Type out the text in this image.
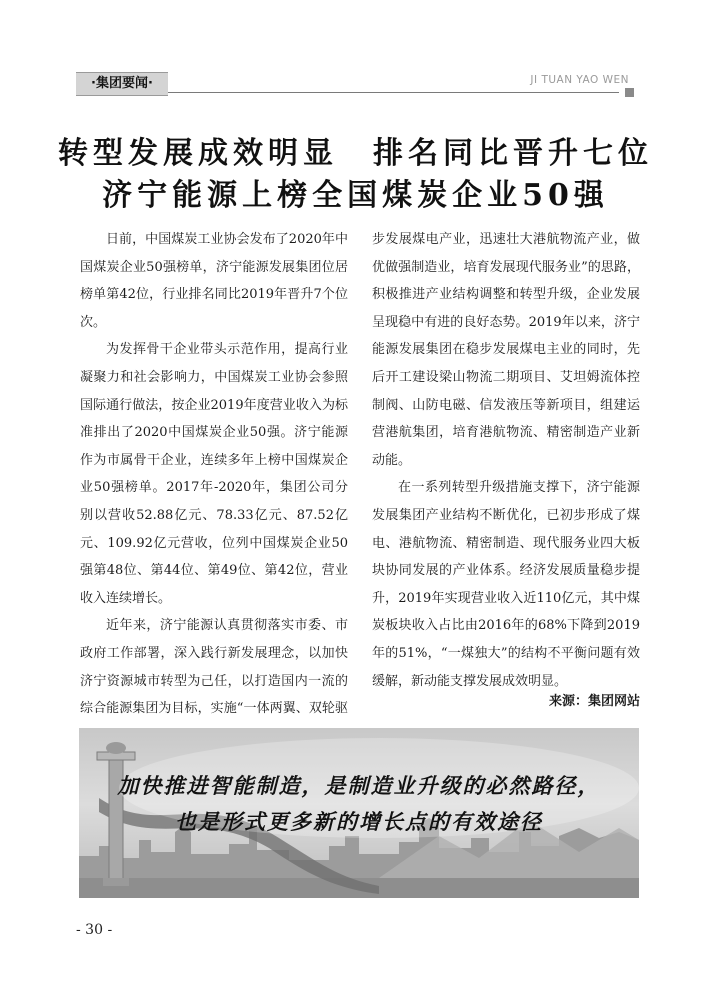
·集团要闻·	JI TUAN YAO WEN
转型发展成效明显　排名同比晋升七位
济宁能源上榜全国煤炭企业50强

日前，中国煤炭工业协会发布了2020年中国煤炭企业50强榜单，济宁能源发展集团位居榜单第42位，行业排名同比2019年晋升7个位次。

为发挥骨干企业带头示范作用，提高行业凝聚力和社会影响力，中国煤炭工业协会参照国际通行做法，按企业2019年度营业收入为标准排出了2020中国煤炭企业50强。济宁能源作为市属骨干企业，连续多年上榜中国煤炭企业50强榜单。2017年-2020年，集团公司分别以营收52.88亿元、78.33亿元、87.52亿元、109.92亿元营收，位列中国煤炭企业50强第48位、第44位、第49位、第42位，营业收入连续增长。

近年来，济宁能源认真贯彻落实市委、市政府工作部署，深入践行新发展理念，以加快济宁资源城市转型为己任，以打造国内一流的综合能源集团为目标，实施“一体两翼、双轮驱

步发展煤电产业，迅速壮大港航物流产业，做优做强制造业，培育发展现代服务业”的思路，积极推进产业结构调整和转型升级，企业发展呈现稳中有进的良好态势。2019年以来，济宁能源发展集团在稳步发展煤电主业的同时，先后开工建设梁山物流二期项目、艾坦姆流体控制阀、山防电磁、信发液压等新项目，组建运营港航集团，培育港航物流、精密制造产业新动能。

在一系列转型升级措施支撑下，济宁能源发展集团产业结构不断优化，已初步形成了煤电、港航物流、精密制造、现代服务业四大板块协同发展的产业体系。经济发展质量稳步提升，2019年实现营业收入近110亿元，其中煤炭板块收入占比由2016年的68%下降到2019年的51%，“一煤独大”的结构不平衡问题有效缓解，新动能支撑发展成效明显。

来源：集团网站

加快推进智能制造，是制造业升级的必然路径，

也是形式更多新的增长点的有效途径

- 30 -
